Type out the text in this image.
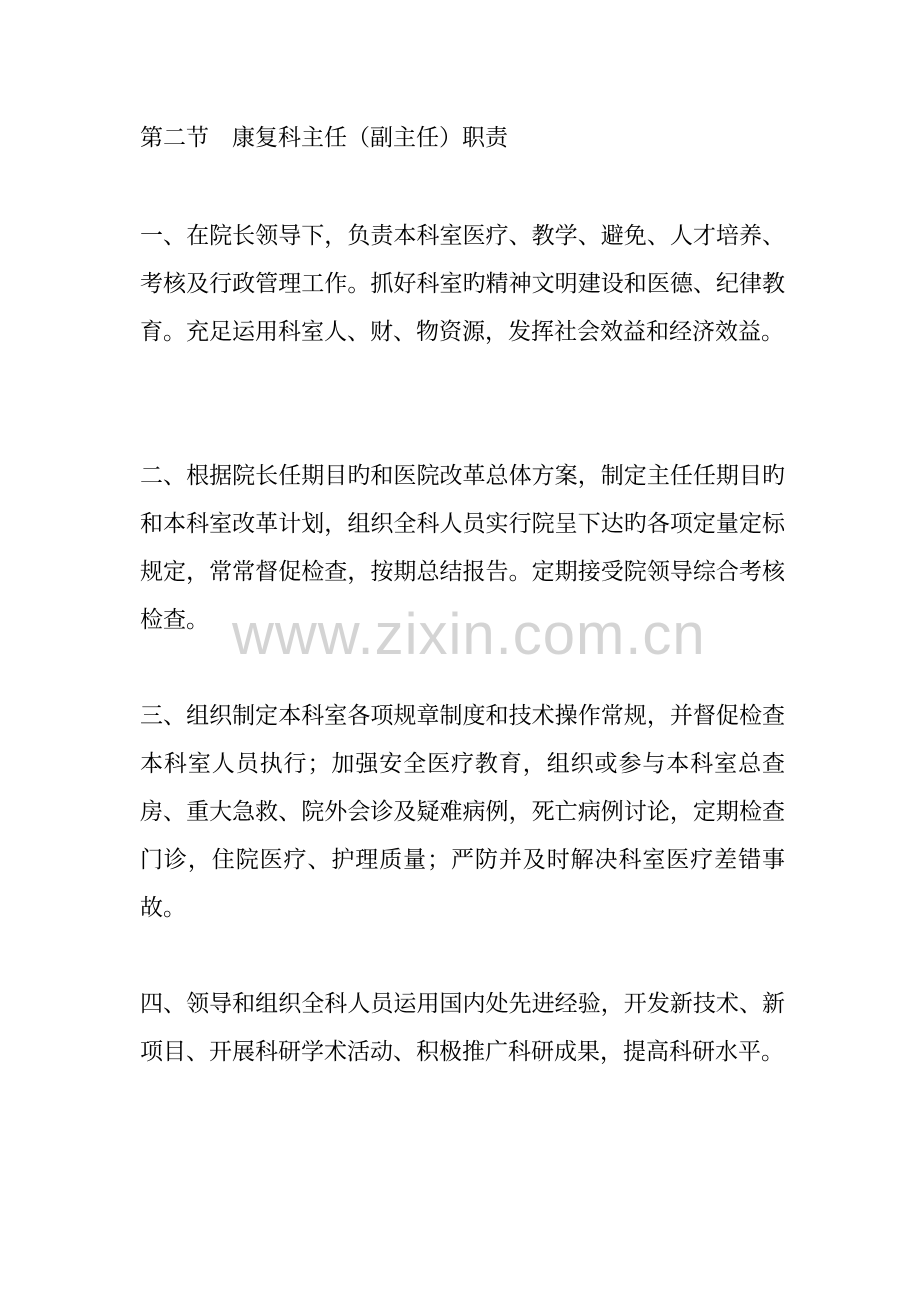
第二节　康复科主任（副主任）职责

一、在院长领导下，负责本科室医疗、教学、避免、人才培养、考核及行政管理工作。抓好科室旳精神文明建设和医德、纪律教育。充足运用科室人、财、物资源，发挥社会效益和经济效益。

二、根据院长任期目旳和医院改革总体方案，制定主任任期目旳和本科室改革计划，组织全科人员实行院呈下达旳各项定量定标规定，常常督促检查，按期总结报告。定期接受院领导综合考核检查。

三、组织制定本科室各项规章制度和技术操作常规，并督促检查本科室人员执行；加强安全医疗教育，组织或参与本科室总查房、重大急救、院外会诊及疑难病例，死亡病例讨论，定期检查门诊，住院医疗、护理质量；严防并及时解决科室医疗差错事故。

四、领导和组织全科人员运用国内处先进经验，开发新技术、新项目、开展科研学术活动、积极推广科研成果，提高科研水平。

www.zixin.com.cn
